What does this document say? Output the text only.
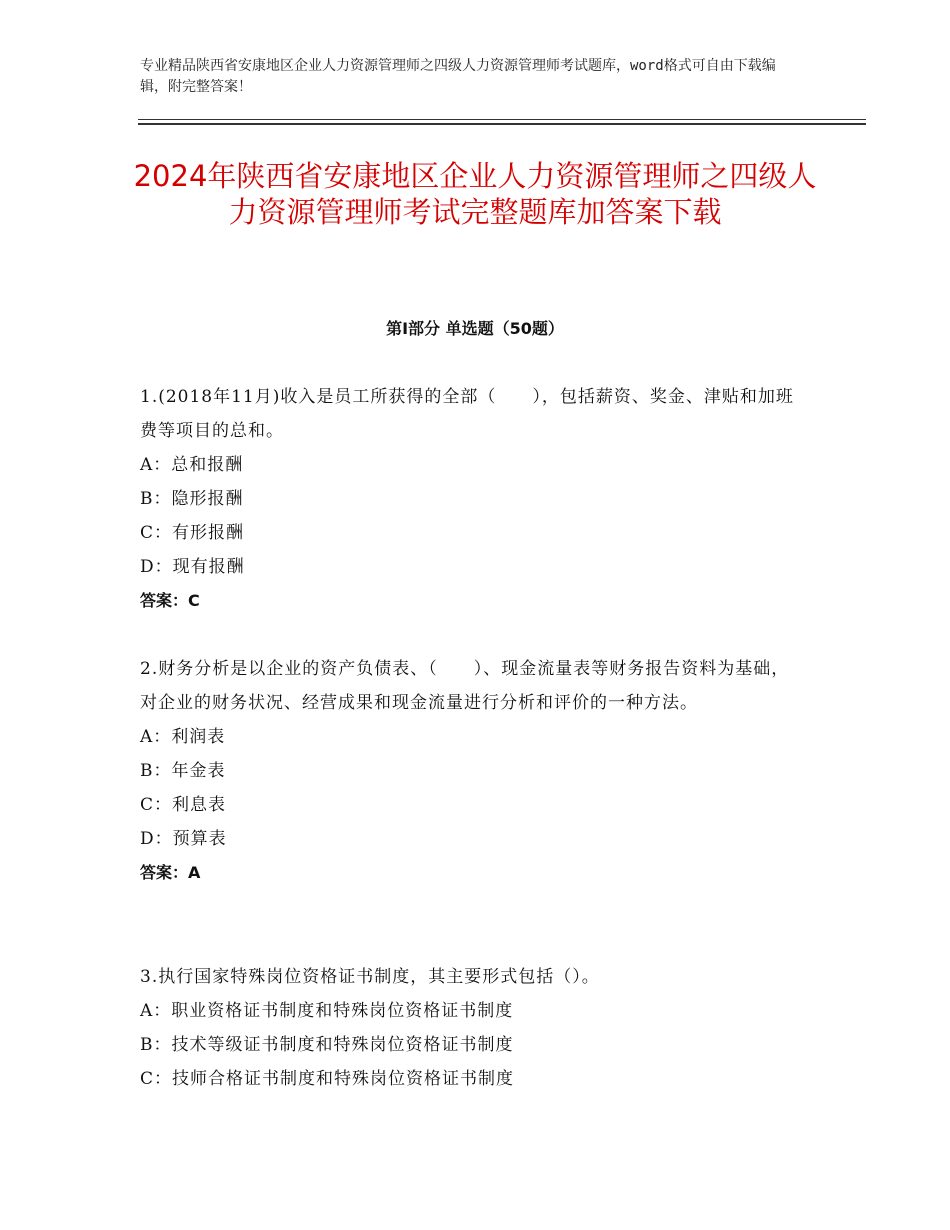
专业精品陕西省安康地区企业人力资源管理师之四级人力资源管理师考试题库，word格式可自由下载编辑，附完整答案！
2024年陕西省安康地区企业人力资源管理师之四级人力资源管理师考试完整题库加答案下载
第Ⅰ部分 单选题（50题）
1.(2018年11月)收入是员工所获得的全部（　　），包括薪资、奖金、津贴和加班费等项目的总和。
A：总和报酬
B：隐形报酬
C：有形报酬
D：现有报酬
答案：C
2.财务分析是以企业的资产负债表、（　　）、现金流量表等财务报告资料为基础，对企业的财务状况、经营成果和现金流量进行分析和评价的一种方法。
A：利润表
B：年金表
C：利息表
D：预算表
答案：A
3.执行国家特殊岗位资格证书制度，其主要形式包括（）。
A：职业资格证书制度和特殊岗位资格证书制度
B：技术等级证书制度和特殊岗位资格证书制度
C：技师合格证书制度和特殊岗位资格证书制度
